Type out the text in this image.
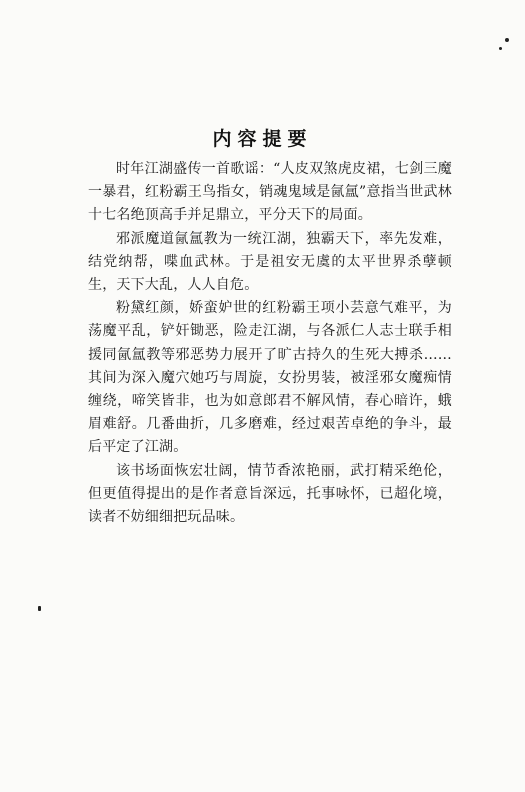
内容提要

时年江湖盛传一首歌谣：“人皮双煞虎皮裙，七剑三魔一暴君，红粉霸王鸟指女，销魂鬼域是氤氲”意指当世武林十七名绝顶高手并足鼎立，平分天下的局面。

邪派魔道氤氲教为一统江湖，独霸天下，率先发难，结党纳帮，喋血武林。于是祖安无虞的太平世界杀孽顿生，天下大乱，人人自危。

粉黛红颜，娇蛮妒世的红粉霸王项小芸意气难平，为荡魔平乱，铲奸锄恶，险走江湖，与各派仁人志士联手相援同氤氲教等邪恶势力展开了旷古持久的生死大搏杀……其间为深入魔穴她巧与周旋，女扮男装，被淫邪女魔痴情缠绕，啼笑皆非，也为如意郎君不解风情，春心暗许，蛾眉难舒。几番曲折，几多磨难，经过艰苦卓绝的争斗，最后平定了江湖。

该书场面恢宏壮阔，情节香浓艳丽，武打精采绝伦，但更值得提出的是作者意旨深远，托事咏怀，已超化境，读者不妨细细把玩品味。
